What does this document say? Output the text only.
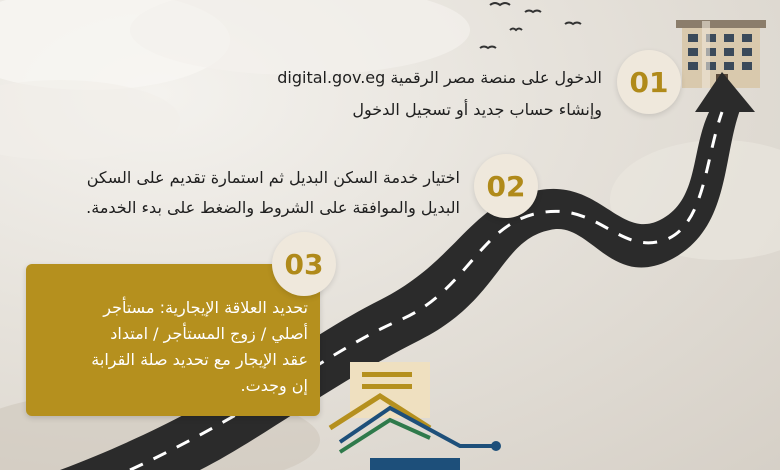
01
الدخول على منصة مصر الرقمية digital.gov.eg
وإنشاء حساب جديد أو تسجيل الدخول
02
اختيار خدمة السكن البديل ثم استمارة تقديم على السكن
البديل والموافقة على الشروط والضغط على بدء الخدمة.
03
تحديد العلاقة الإيجارية: مستأجر
أصلي / زوج المستأجر / امتداد
عقد الإيجار مع تحديد صلة القرابة
إن وجدت.
